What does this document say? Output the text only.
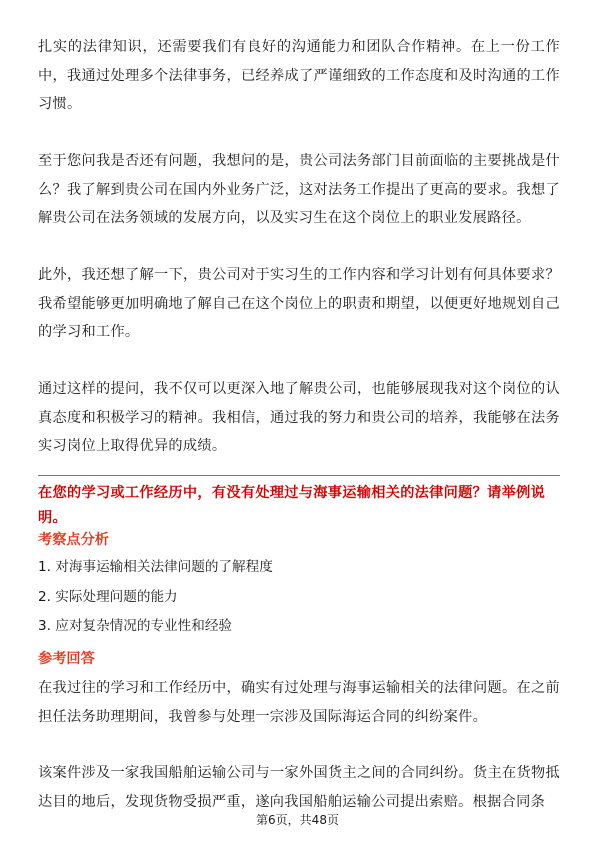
扎实的法律知识，还需要我们有良好的沟通能力和团队合作精神。在上一份工作中，我通过处理多个法律事务，已经养成了严谨细致的工作态度和及时沟通的工作习惯。

至于您问我是否还有问题，我想问的是，贵公司法务部门目前面临的主要挑战是什么？我了解到贵公司在国内外业务广泛，这对法务工作提出了更高的要求。我想了解贵公司在法务领域的发展方向，以及实习生在这个岗位上的职业发展路径。

此外，我还想了解一下，贵公司对于实习生的工作内容和学习计划有何具体要求？我希望能够更加明确地了解自己在这个岗位上的职责和期望，以便更好地规划自己的学习和工作。

通过这样的提问，我不仅可以更深入地了解贵公司，也能够展现我对这个岗位的认真态度和积极学习的精神。我相信，通过我的努力和贵公司的培养，我能够在法务实习岗位上取得优异的成绩。

在您的学习或工作经历中，有没有处理过与海事运输相关的法律问题？请举例说明。

考察点分析

1. 对海事运输相关法律问题的了解程度

2. 实际处理问题的能力

3. 应对复杂情况的专业性和经验

参考回答

在我过往的学习和工作经历中，确实有过处理与海事运输相关的法律问题。在之前担任法务助理期间，我曾参与处理一宗涉及国际海运合同的纠纷案件。

该案件涉及一家我国船舶运输公司与一家外国货主之间的合同纠纷。货主在货物抵达目的地后，发现货物受损严重，遂向我国船舶运输公司提出索赔。根据合同条

第6页，共48页
